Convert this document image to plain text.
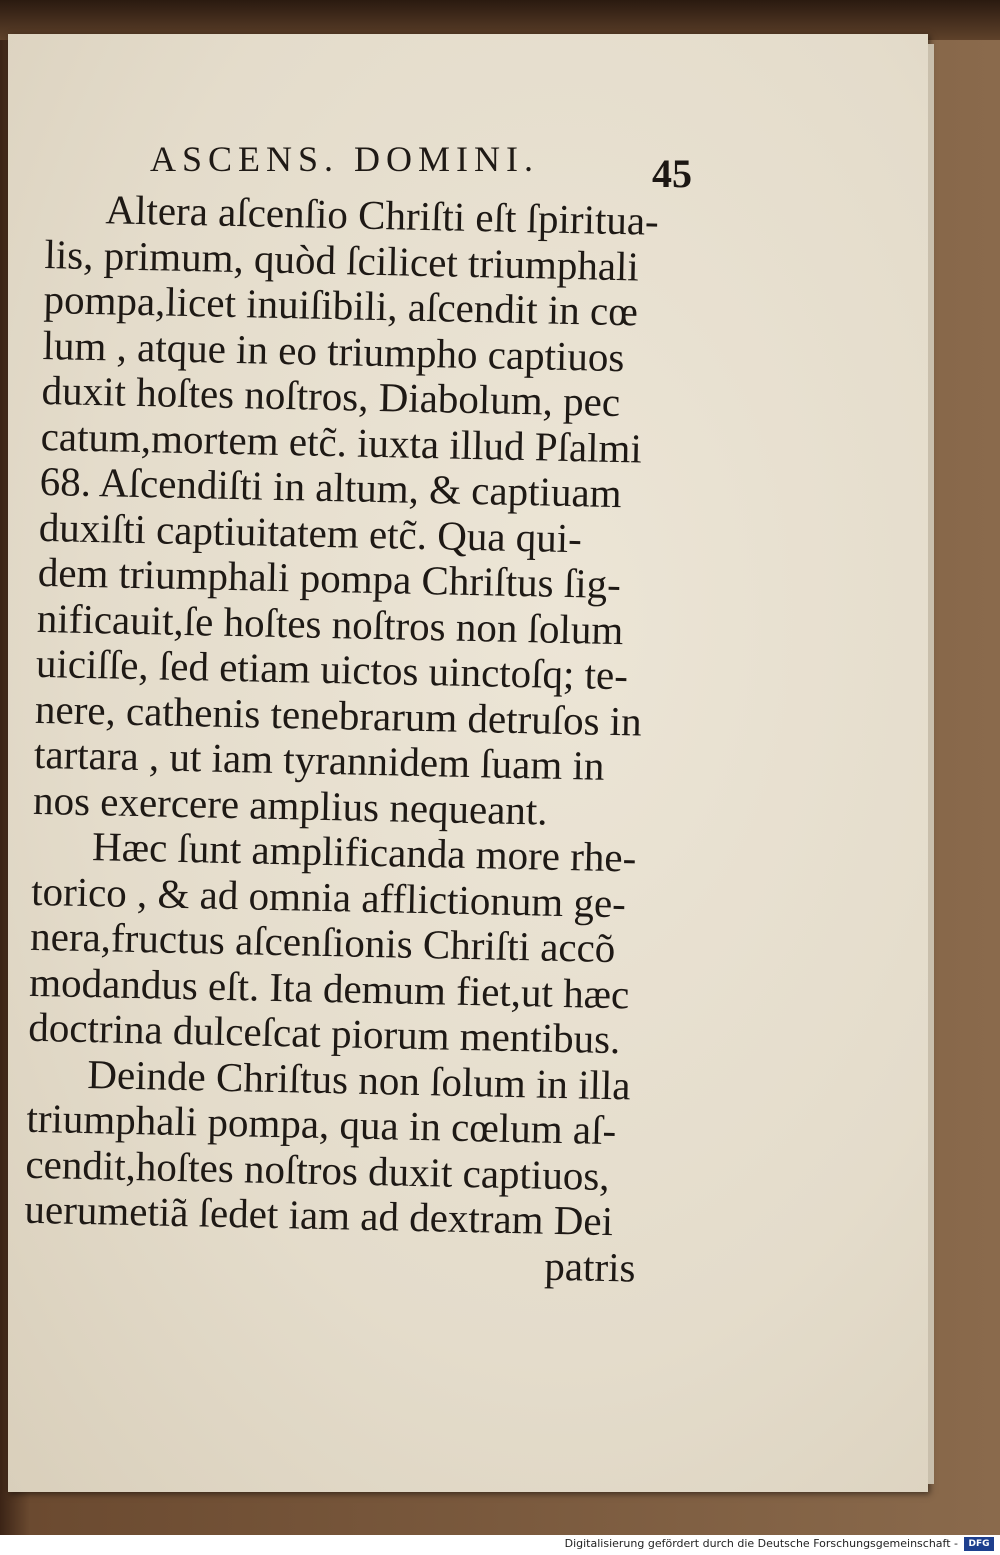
ASCENS. DOMINI.	45
Altera aſcenſio Chriſti eſt ſpiritua-
lis, primum, quòd ſcilicet triumphali
pompa,licet inuiſibili, aſcendit in cœ
lum , atque in eo triumpho captiuos
duxit hoſtes noſtros, Diabolum, pec
catum,mortem etc̃. iuxta illud Pſalmi
68. Aſcendiſti in altum, & captiuam
duxiſti captiuitatem etc̃. Qua qui-
dem triumphali pompa Chriſtus ſig-
nificauit,ſe hoſtes noſtros non ſolum
uiciſſe, ſed etiam uictos uinctoſq; te-
nere, cathenis tenebrarum detruſos in
tartara , ut iam tyrannidem ſuam in
nos exercere amplius nequeant.
Hæc ſunt amplificanda more rhe-
torico , & ad omnia afflictionum ge-
nera,fructus aſcenſionis Chriſti accõ
modandus eſt. Ita demum fiet,ut hæc
doctrina dulceſcat piorum mentibus.
Deinde Chriſtus non ſolum in illa
triumphali pompa, qua in cœlum aſ-
cendit,hoſtes noſtros duxit captiuos,
uerumetiã ſedet iam ad dextram Dei
patris
Digitalisierung gefördert durch die Deutsche Forschungsgemeinschaft -	DFG
